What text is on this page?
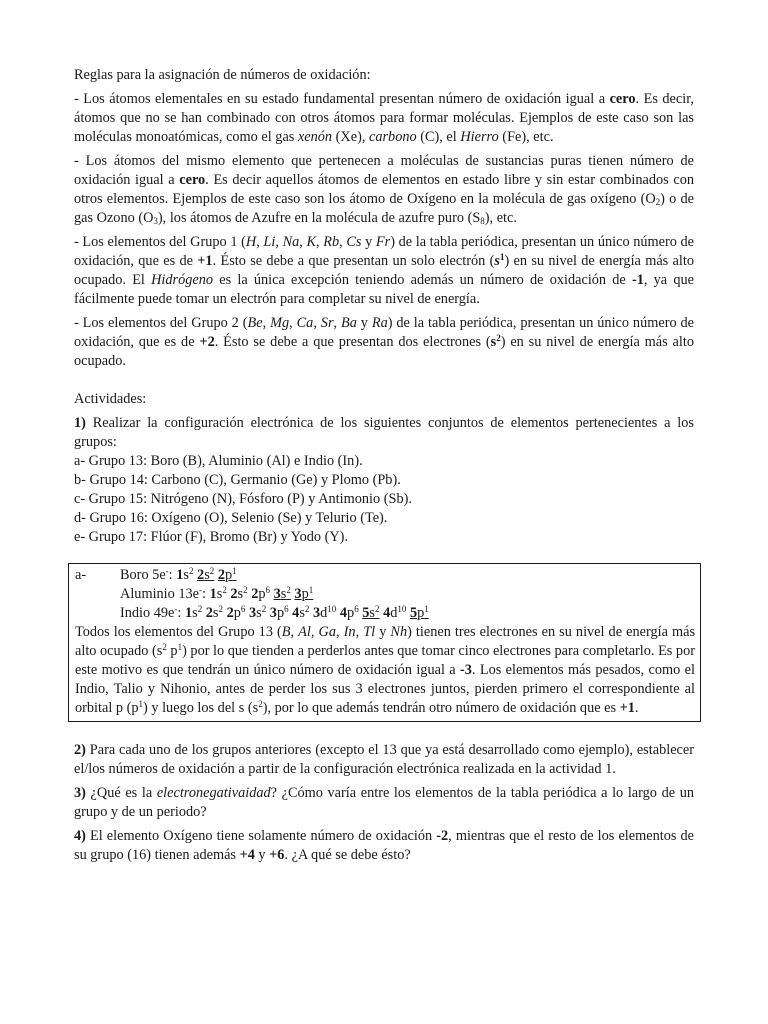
Reglas para la asignación de números de oxidación:

- Los átomos elementales en su estado fundamental presentan número de oxidación igual a cero. Es decir, átomos que no se han combinado con otros átomos para formar moléculas. Ejemplos de este caso son las moléculas monoatómicas, como el gas xenón (Xe), carbono (C), el Hierro (Fe), etc.

- Los átomos del mismo elemento que pertenecen a moléculas de sustancias puras tienen número de oxidación igual a cero. Es decir aquellos átomos de elementos en estado libre y sin estar combinados con otros elementos. Ejemplos de este caso son los átomo de Oxígeno en la molécula de gas oxígeno $(O_2)$ o de gas Ozono $(O_3)$, los átomos de Azufre en la molécula de azufre puro $(S_8)$, etc.

- Los elementos del Grupo 1 (H, Li, Na, K, Rb, Cs y Fr) de la tabla periódica, presentan un único número de oxidación, que es de +1. Ésto se debe a que presentan un solo electrón $(s^1)$ en su nivel de energía más alto ocupado. El Hidrógeno es la única excepción teniendo además un número de oxidación de -1, ya que fácilmente puede tomar un electrón para completar su nivel de energía.

- Los elementos del Grupo 2 (Be, Mg, Ca, Sr, Ba y Ra) de la tabla periódica, presentan un único número de oxidación, que es de +2. Ésto se debe a que presentan dos electrones $(s^2)$ en su nivel de energía más alto ocupado.

Actividades:

1) Realizar la configuración electrónica de los siguientes conjuntos de elementos pertenecientes a los grupos:

a- Grupo 13: Boro (B), Aluminio (Al) e Indio (In).
b- Grupo 14: Carbono (C), Germanio (Ge) y Plomo (Pb).
c- Grupo 15: Nitrógeno (N), Fósforo (P) y Antimonio (Sb).
d- Grupo 16: Oxígeno (O), Selenio (Se) y Telurio (Te).
e- Grupo 17: Flúor (F), Bromo (Br) y Yodo (Y).
a-	Boro 5e-: $1s^2$ $2s^2$ $2p^1$
Aluminio 13e-: $1s^2$ $2s^2$ $2p^6$ $3s^2$ $3p^1$
Indio 49e-: $1s^2$ $2s^2$ $2p^6$ $3s^2$ $3p^6$ $4s^2$ $3d^{10}$ $4p^6$ $5s^2$ $4d^{10}$ $5p^1$

Todos los elementos del Grupo 13 (B, Al, Ga, In, Tl y Nh) tienen tres electrones en su nivel de energía más alto ocupado ($s^2$ $p^1$) por lo que tienden a perderlos antes que tomar cinco electrones para completarlo. Es por este motivo es que tendrán un único número de oxidación igual a -3. Los elementos más pesados, como el Indio, Talio y Nihonio, antes de perder los sus 3 electrones juntos, pierden primero el correspondiente al orbital p $(p^1)$ y luego los del s $(s^2)$, por lo que además tendrán otro número de oxidación que es +1.

2) Para cada uno de los grupos anteriores (excepto el 13 que ya está desarrollado como ejemplo), establecer el/los números de oxidación a partir de la configuración electrónica realizada en la actividad 1.

3) ¿Qué es la electronegativaidad? ¿Cómo varía entre los elementos de la tabla periódica a lo largo de un grupo y de un periodo?

4) El elemento Oxígeno tiene solamente número de oxidación -2, mientras que el resto de los elementos de su grupo (16) tienen además +4 y +6. ¿A qué se debe ésto?
